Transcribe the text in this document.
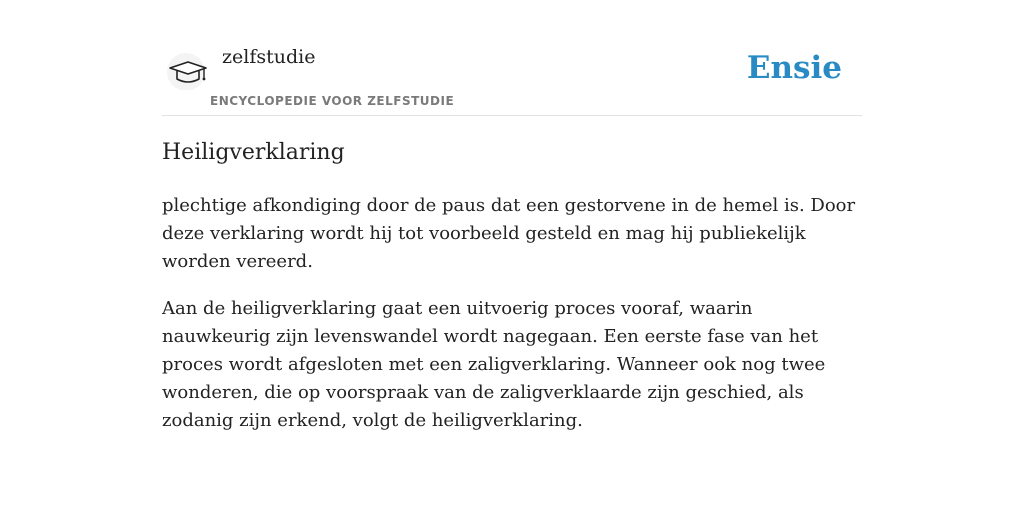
zelfstudie
ENCYCLOPEDIE VOOR ZELFSTUDIE
Ensie
Heiligverklaring

plechtige afkondiging door de paus dat een gestorvene in de hemel is. Door deze verklaring wordt hij tot voorbeeld gesteld en mag hij publiekelijk worden vereerd.

Aan de heiligverklaring gaat een uitvoerig proces vooraf, waarin nauwkeurig zijn levenswandel wordt nagegaan. Een eerste fase van het proces wordt afgesloten met een zaligverklaring. Wanneer ook nog twee wonderen, die op voorspraak van de zaligverklaarde zijn geschied, als zodanig zijn erkend, volgt de heiligverklaring.
